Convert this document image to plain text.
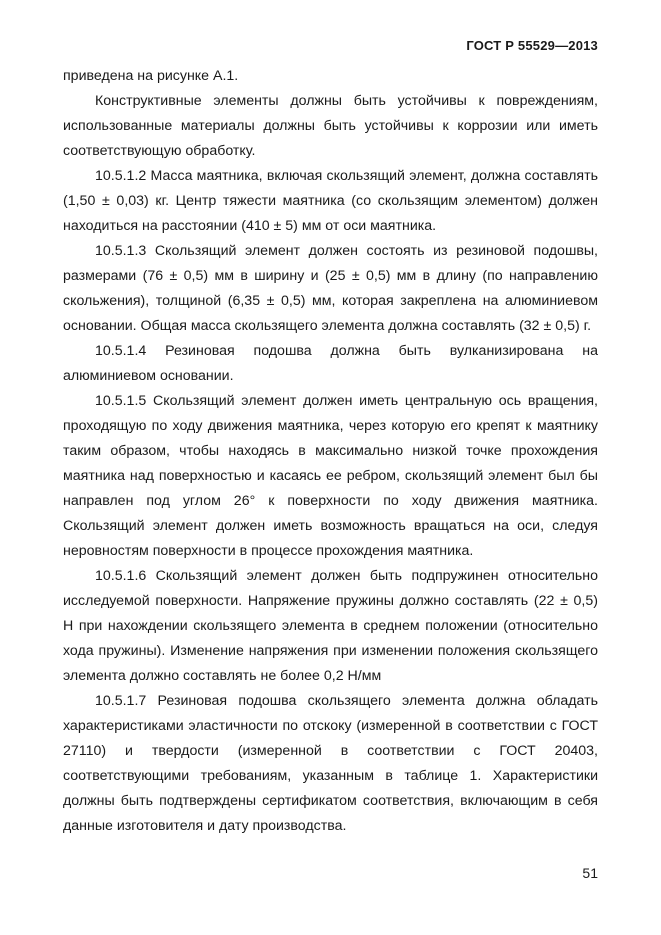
ГОСТ Р 55529—2013

приведена на рисунке А.1.

Конструктивные элементы должны быть устойчивы к повреждениям, использованные материалы должны быть устойчивы к коррозии или иметь соответствующую обработку.

10.5.1.2 Масса маятника, включая скользящий элемент, должна составлять (1,50 ± 0,03) кг. Центр тяжести маятника (со скользящим элементом) должен находиться на расстоянии (410 ± 5) мм от оси маятника.

10.5.1.3 Скользящий элемент должен состоять из резиновой подошвы, размерами (76 ± 0,5) мм в ширину и (25 ± 0,5) мм в длину (по направлению скольжения), толщиной (6,35 ± 0,5) мм, которая закреплена на алюминиевом основании. Общая масса скользящего элемента должна составлять (32 ± 0,5) г.

10.5.1.4 Резиновая подошва должна быть вулканизирована на алюминиевом основании.

10.5.1.5 Скользящий элемент должен иметь центральную ось вращения, проходящую по ходу движения маятника, через которую его крепят к маятнику таким образом, чтобы находясь в максимально низкой точке прохождения маятника над поверхностью и касаясь ее ребром, скользящий элемент был бы направлен под углом 26° к поверхности по ходу движения маятника. Скользящий элемент должен иметь возможность вращаться на оси, следуя неровностям поверхности в процессе прохождения маятника.

10.5.1.6 Скользящий элемент должен быть подпружинен относительно исследуемой поверхности. Напряжение пружины должно составлять (22 ± 0,5) Н при нахождении скользящего элемента в среднем положении (относительно хода пружины). Изменение напряжения при изменении положения скользящего элемента должно составлять не более 0,2 Н/мм

10.5.1.7 Резиновая подошва скользящего элемента должна обладать характеристиками эластичности по отскоку (измеренной в соответствии с ГОСТ 27110) и твердости (измеренной в соответствии с ГОСТ 20403, соответствующими требованиям, указанным в таблице 1. Характеристики должны быть подтверждены сертификатом соответствия, включающим в себя данные изготовителя и дату производства.

51
